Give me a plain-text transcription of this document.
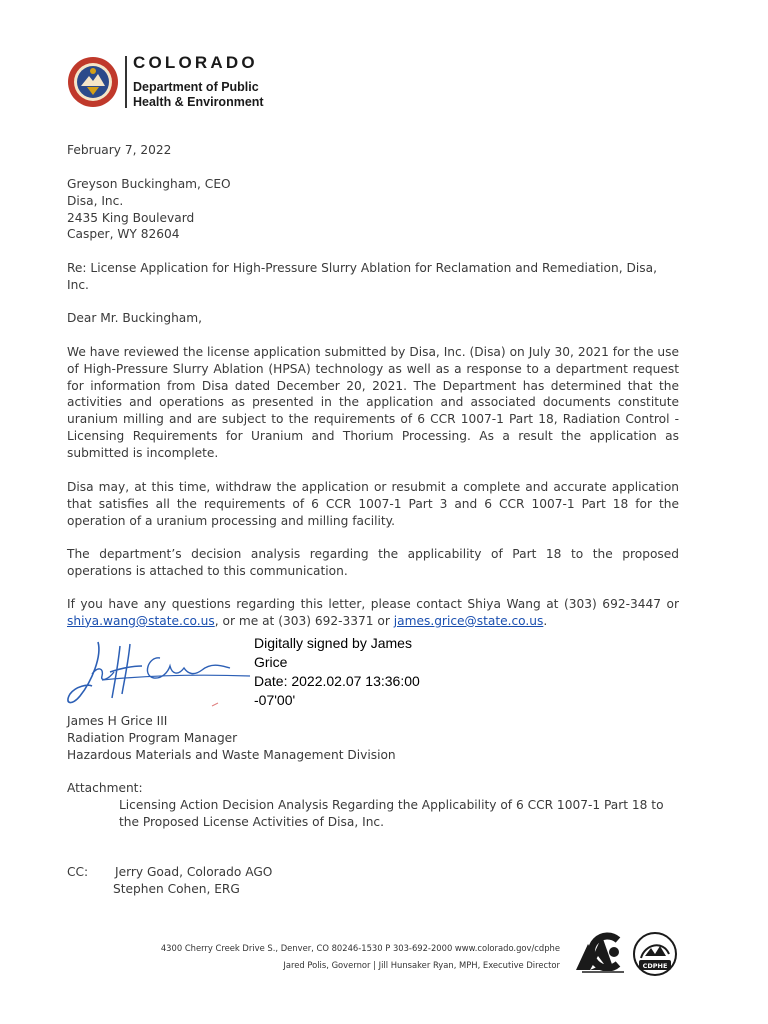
COLORADO
Department of Public
Health & Environment
February 7, 2022
Greyson Buckingham, CEO
Disa, Inc.
2435 King Boulevard
Casper, WY 82604
Re: License Application for High-Pressure Slurry Ablation for Reclamation and Remediation, Disa, Inc.
Dear Mr. Buckingham,
We have reviewed the license application submitted by Disa, Inc. (Disa) on July 30, 2021 for the use of High-Pressure Slurry Ablation (HPSA) technology as well as a response to a department request for information from Disa dated December 20, 2021. The Department has determined that the activities and operations as presented in the application and associated documents constitute uranium milling and are subject to the requirements of 6 CCR 1007-1 Part 18, Radiation Control - Licensing Requirements for Uranium and Thorium Processing. As a result the application as submitted is incomplete.
Disa may, at this time, withdraw the application or resubmit a complete and accurate application that satisfies all the requirements of 6 CCR 1007-1 Part 3 and 6 CCR 1007-1 Part 18 for the operation of a uranium processing and milling facility.
The department’s decision analysis regarding the applicability of Part 18 to the proposed operations is attached to this communication.
If you have any questions regarding this letter, please contact Shiya Wang at (303) 692-3447 or shiya.wang@state.co.us, or me at (303) 692-3371 or james.grice@state.co.us.
Digitally signed by James
Grice
Date: 2022.02.07 13:36:00
-07'00'
James H Grice III
Radiation Program Manager
Hazardous Materials and Waste Management Division
Attachment:
Licensing Action Decision Analysis Regarding the Applicability of 6 CCR 1007-1 Part 18 to
the Proposed License Activities of Disa, Inc.
CC:	Jerry Goad, Colorado AGO
Stephen Cohen, ERG
4300 Cherry Creek Drive S., Denver, CO 80246-1530 P 303-692-2000 www.colorado.gov/cdphe
Jared Polis, Governor | Jill Hunsaker Ryan, MPH, Executive Director	CDPHE
